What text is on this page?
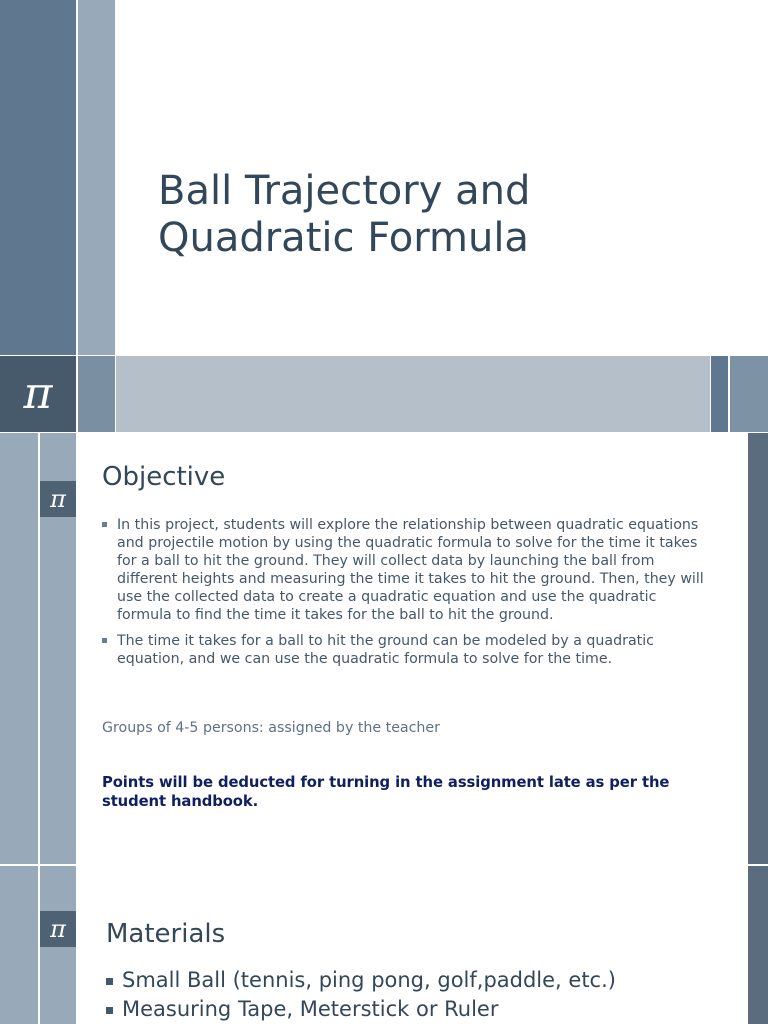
Ball Trajectory and
Quadratic Formula
π
π
Objective
In this project, students will explore the relationship between quadratic equations and projectile motion by using the quadratic formula to solve for the time it takes for a ball to hit the ground. They will collect data by launching the ball from different heights and measuring the time it takes to hit the ground. Then, they will use the collected data to create a quadratic equation and use the quadratic formula to find the time it takes for the ball to hit the ground.
The time it takes for a ball to hit the ground can be modeled by a quadratic equation, and we can use the quadratic formula to solve for the time.
Groups of 4-5 persons: assigned by the teacher
Points will be deducted for turning in the assignment late as per the student handbook.
π Materials
Small Ball (tennis, ping pong, golf,paddle, etc.)
Measuring Tape, Meterstick or Ruler
